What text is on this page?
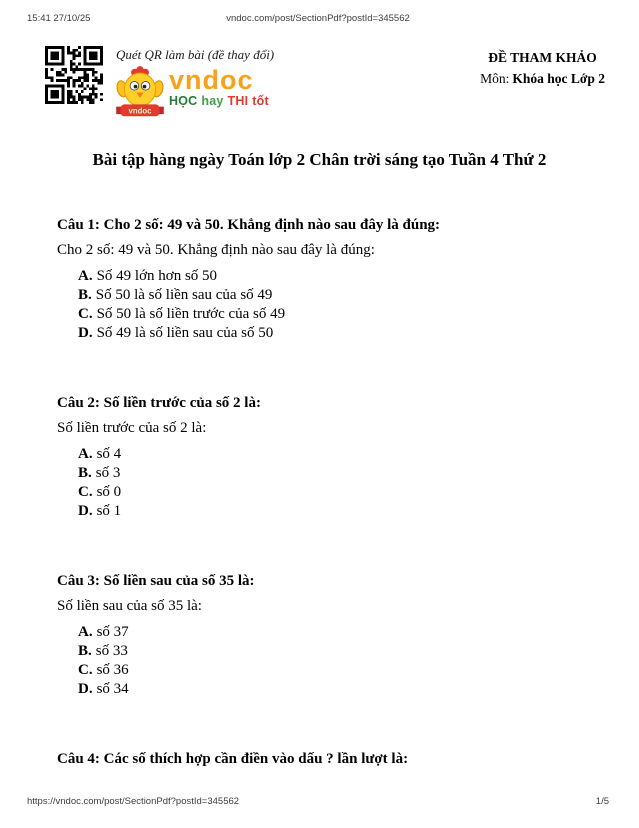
vndoc.com/post/SectionPdf?postId=345562
15:41 27/10/25
Quét QR làm bài (đề thay đổi)
vndoc
vndoc
HỌC hay THI tốt
ĐỀ THAM KHẢO
Môn: Khóa học Lớp 2
Bài tập hàng ngày Toán lớp 2 Chân trời sáng tạo Tuần 4 Thứ 2
Câu 1: Cho 2 số: 49 và 50. Khẳng định nào sau đây là đúng:
Cho 2 số: 49 và 50. Khẳng định nào sau đây là đúng:
A. Số 49 lớn hơn số 50
B. Số 50 là số liền sau của số 49
C. Số 50 là số liền trước của số 49
D. Số 49 là số liền sau của số 50
Câu 2: Số liền trước của số 2 là:
Số liền trước của số 2 là:
A. số 4
B. số 3
C. số 0
D. số 1
Câu 3: Số liền sau của số 35 là:
Số liền sau của số 35 là:
A. số 37
B. số 33
C. số 36
D. số 34
Câu 4: Các số thích hợp cần điền vào dấu ? lần lượt là:
https://vndoc.com/post/SectionPdf?postId=345562	1/5
